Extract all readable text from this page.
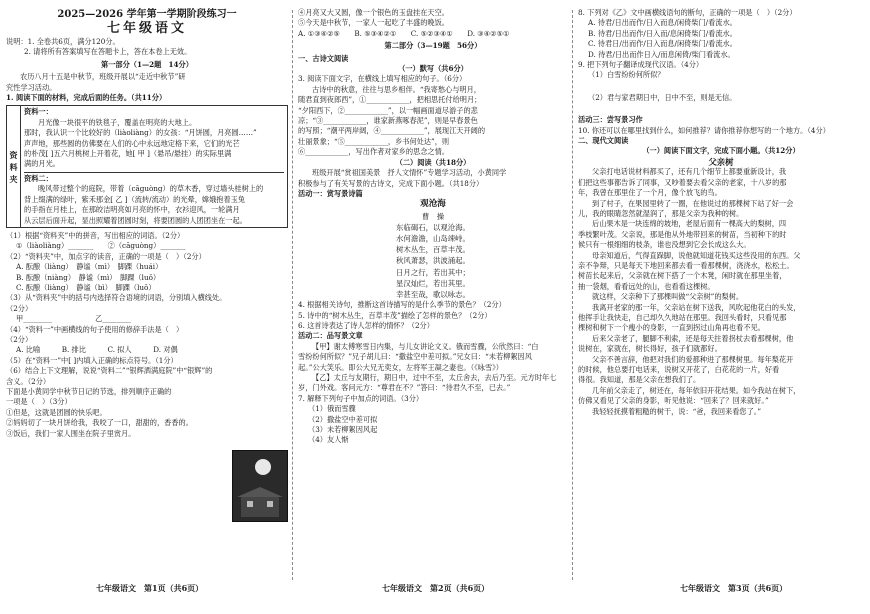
2025—2026 学年第一学期阶段练习一
七年级语文
说明：1. 全卷共6页，满分120分。
2. 请将所有答案填写在答题卡上，答在本卷上无效。
第一部分（1—2题　14分）
农历八月十五是中秋节，班级开展以“走近中秋节”研
究性学习活动。
1. 阅读下面的材料，完成后面的任务。（共11分）
资
料
夹
资料一：
月光像一块很平的铁毯子，覆盖在明亮的大地上。
那时，我认识一个比较好的（liàoliàng）的女孩：“月饼圆，月亮圆……”
声声地，那些圆的仿佛要在人们的心中永远地定格下来，它们的光芒
的朴茂[ ]五六月桃树上开着花，她[ 甲 ]（悬吊/悬挂）的实际里满
满的月光。
资料二：
晚风带过整个的庭院，带着（cāguòng）的草木香，穿过墙头桂树上的
背上缀满的绿叶，紫禾那金[ 乙 ]（流转/流动）的光晕，嫦娥抱着玉兔
的手指在月桂上，在那皎洁明亮如月亮的怀中，衣衫迎风，一轮满月
从云层后面升起，显出照耀着团圆时刻，将要团圆的人团团坐在一起。
（1）根据“资料夹”中的拼音，写出相应的词语。（2分）
①（liàoliàng）_______　　②（cāguòng）_______
（2）“资料夹”中，加点字的读音，正确的一项是（　）（2分）
A. 酝酿（liàng）　静谧（mì）　脚踝（huái）
B. 酝酿（niàng）　静谧（mì）　脚踝（luǒ）
C. 酝酿（liàng）　静谧（bì）　脚踝（luǒ）
（3）从“资料夹”中的括号内选择符合语境的词语，分别填入横线处。
（2分）
甲________　　　　　　乙________
（4）“资料一”中画横线的句子使用的修辞手法是（　）
（2分）
A. 比喻　　　B. 排比　　　C. 拟人　　　D. 对偶
（5）在“资料一”中[ ]内填入正确的标点符号。（1分）
（6）结合上下文理解，说说“资料二”“银辉洒满庭院”中“银辉”的
含义。（2分）
下面是小黄同学中秋节日记的节选，排列顺序正确的
一项是（　）（3分）
①但是，这就是团圆的快乐吧。
②妈妈切了一块月饼给我，我咬了一口，甜甜的，香香的。
③饭后，我们一家人围坐在院子里赏月。
七年级语文　第1页（共6页）
④月亮又大又圆，像一个银色的玉盘挂在天空。
⑤今天是中秋节，一家人一起吃了丰盛的晚饭。
A. ①③④②⑤　　B. ⑤③④②①　　C. ⑤②③④①　　D. ③④②⑤①
第二部分（3—19题　56分）
一、古诗文阅读
（一）默写（共6分）
3. 阅读下面文字，在横线上填写相应的句子。（6分）
古诗中的秋意，往往与思乡相伴。“我寄愁心与明月，
随君直到夜郎西”，①____________，把相思托付给明月；
“夕阳西下，②____________”，以一幅画面道尽游子的悲
凉；“③____________，谁家新燕啄春泥”，则是早春景色
的写照；“潮平两岸阔，④____________”，展现江天开阔的
壮丽景象；“⑤____________，乡书何处达”，则
⑥____________，写出作者对家乡的思念之情。
（二）阅读（共18分）
班级开展“赏祖国美景　抒人文情怀”专题学习活动，小黄同学
积极参与了有关写景的古诗文，完成下面小题。（共18分）
活动一：赏写景诗篇
观沧海
曹　操
东临碣石，以观沧海。
水何澹澹，山岛竦峙。
树木丛生，百草丰茂。
秋风萧瑟，洪波涌起。
日月之行，若出其中；
星汉灿烂，若出其里。
幸甚至哉，歌以咏志。
4. 根据相关诗句，推断这首诗描写的是什么季节的景色？（2分）
5. 诗中的“树木丛生，百草丰茂”描绘了怎样的景色？（2分）
6. 这首诗表达了诗人怎样的情怀？（2分）
活动二：品写景文章
【甲】谢太傅寒雪日内集，与儿女讲论文义。俄而雪骤，公欣然曰：“白
雪纷纷何所似？”兄子胡儿曰：“撒盐空中差可拟。”兄女曰：“未若柳絮因风
起。”公大笑乐。即公大兄无奕女，左将军王凝之妻也。（《咏雪》）
【乙】太丘与友期行，期日中，过中不至，太丘舍去，去后乃至。元方时年七
岁，门外戏。客问元方：“尊君在不？”答曰：“待君久不至，已去。”
7. 解释下列句子中加点的词语。（3分）
（1）俄而雪骤
（2）撒盐空中差可拟
（3）未若柳絮因风起
（4）友人惭
七年级语文　第2页（共6页）
8. 下列对《乙》文中画横线语句的断句，正确的一项是（　）（2分）
A. 待君/日出而作/日入而息/闲倚柴门/看流水。
B. 待君/日出而作/日入而/息闲倚柴门/看流水。
C. 待君日/出而作/日入而息/闲倚柴门/看流水。
D. 待君/日出而作日入/而息闲倚/柴门看流水。
9. 把下列句子翻译成现代汉语。（4分）
（1）白雪纷纷何所似？
（2）君与家君期日中，日中不至，则是无信。
活动三：尝写景习作
10. 你还可以在哪里找到什么，如何推荐？请你推荐你想写的一个地方。（4分）
二、现代文阅读
（一）阅读下面文字，完成下面小题。（共12分）
父亲树
父亲打电话说材料都买了，还有几个细节上都要重新设计，我
们把这些事都告诉了同事，又吵着要去看父亲的老家，十八岁的那
年，我曾在那里住了一个月，像个放飞的鸟。
到了村子，在果园里转了一圈，在他说过的那棵树下站了好一会
儿，我的眼睛忽然就湿润了，那是父亲为我种的树。
后山果木是一块连绵的坡地，老屋后面有一棵高大的梨树，四
季枝繁叶茂。父亲说，那是他从外地带回来的树苗，当初种下的时
候只有一根细细的枝条，谁也没想到它会长成这么大。
母亲知道后，气得直跺脚，说他就知道花钱买这些没用的东西。父
亲不争辩，只是每天下地回来都去看一看那棵树，浇浇水，松松土。
树苗长起来后，父亲就在树下搭了一个木凳，闲时就在那里坐着，
抽一袋烟，看看远处的山，也看看这棵树。
就这样，父亲种下了那棵叫做“父亲树”的梨树。
我离开老家的那一年，父亲站在树下送我，风吹起他花白的头发，
他挥手让我快走，自己却久久地站在那里。我回头看时，只看见那
棵树和树下一个瘦小的身影，一直到拐过山角再也看不见。
后来父亲老了，腿脚不利索，还是每天拄着拐杖去看那棵树，他
说树在，家就在，树长得好，孩子们就都好。
父亲不善言辞，他把对我们的爱都种进了那棵树里。每年梨花开
的时候，他总要打电话来，说树又开花了，白花花的一片，好看
得很。我知道，那是父亲在想我们了。
几年前父亲走了，树还在，每年依旧开花结果。如今我站在树下，
仿佛又看见了父亲的身影，听见他说：“回来了？回来就好。”
我轻轻抚摸着粗糙的树干，说：“爸，我回来看您了。”
七年级语文　第3页（共6页）
